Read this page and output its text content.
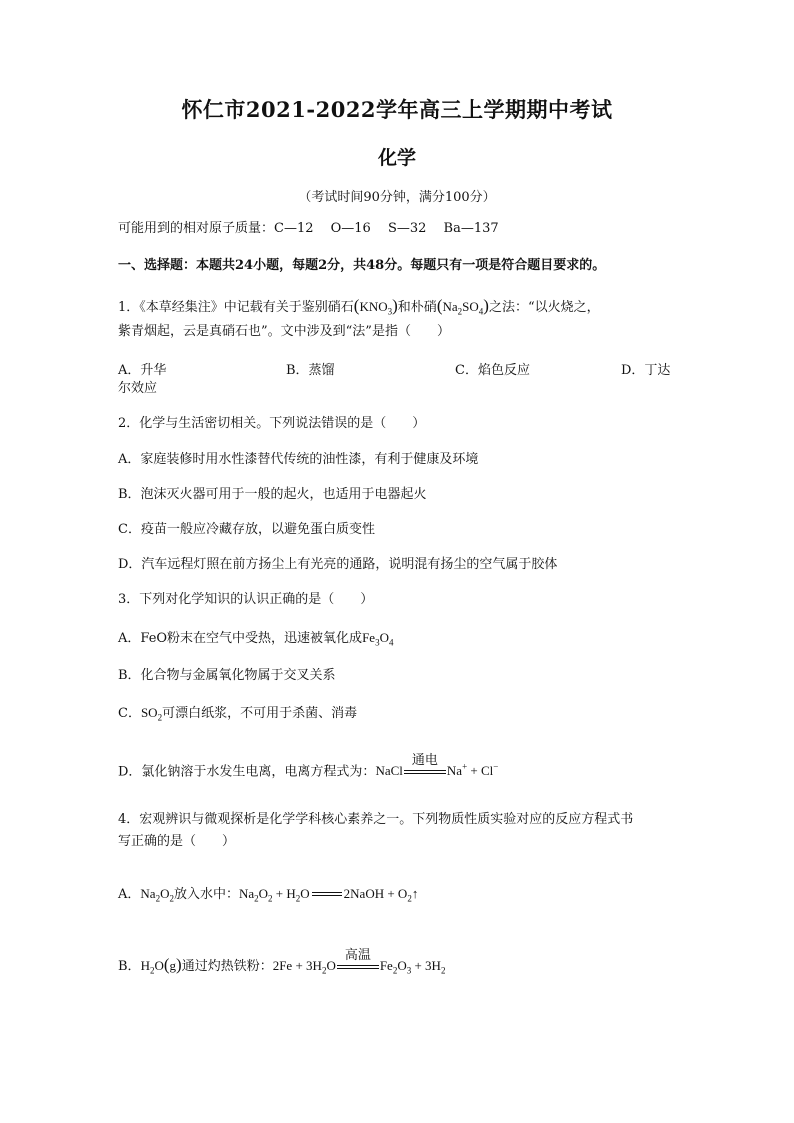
怀仁市2021-2022学年高三上学期期中考试
化学
（考试时间90分钟，满分100分）
可能用到的相对原子质量：C—12　 O—16　 S—32　 Ba—137
一、选择题：本题共24小题，每题2分，共48分。每题只有一项是符合题目要求的。
1．《本草经集注》中记载有关于鉴别硝石$(KNO_3)$和朴硝$(Na_2SO_4)$之法：“以火烧之，
紫青烟起，云是真硝石也”。文中涉及到“法”是指（　　）
A．升华	B．蒸馏	C．焰色反应	D．丁达
尔效应
2．化学与生活密切相关。下列说法错误的是（　　）
A．家庭装修时用水性漆替代传统的油性漆，有利于健康及环境
B．泡沫灭火器可用于一般的起火，也适用于电器起火
C．疫苗一般应冷藏存放，以避免蛋白质变性
D．汽车远程灯照在前方扬尘上有光亮的通路，说明混有扬尘的空气属于胶体
3．下列对化学知识的认识正确的是（　　）
A．FeO粉末在空气中受热，迅速被氧化成$Fe_3O_4$
B．化合物与金属氧化物属于交叉关系
C．$SO_2$可漂白纸浆，不可用于杀菌、消毒
D．氯化钠溶于水发生电离，电离方程式为：NaCl
通电
Na+ + Cl−
4．宏观辨识与微观探析是化学学科核心素养之一。下列物质性质实验对应的反应方程式书
写正确的是（　　）
A．$Na_2O_2$放入水中：$Na_2O_2 + H_2O$	2NaOH + $O_2↑$
B．$H_2O(g)$通过灼热铁粉：$2Fe + 3H_2O$
高温
$Fe_2O_3 + 3H_2$
